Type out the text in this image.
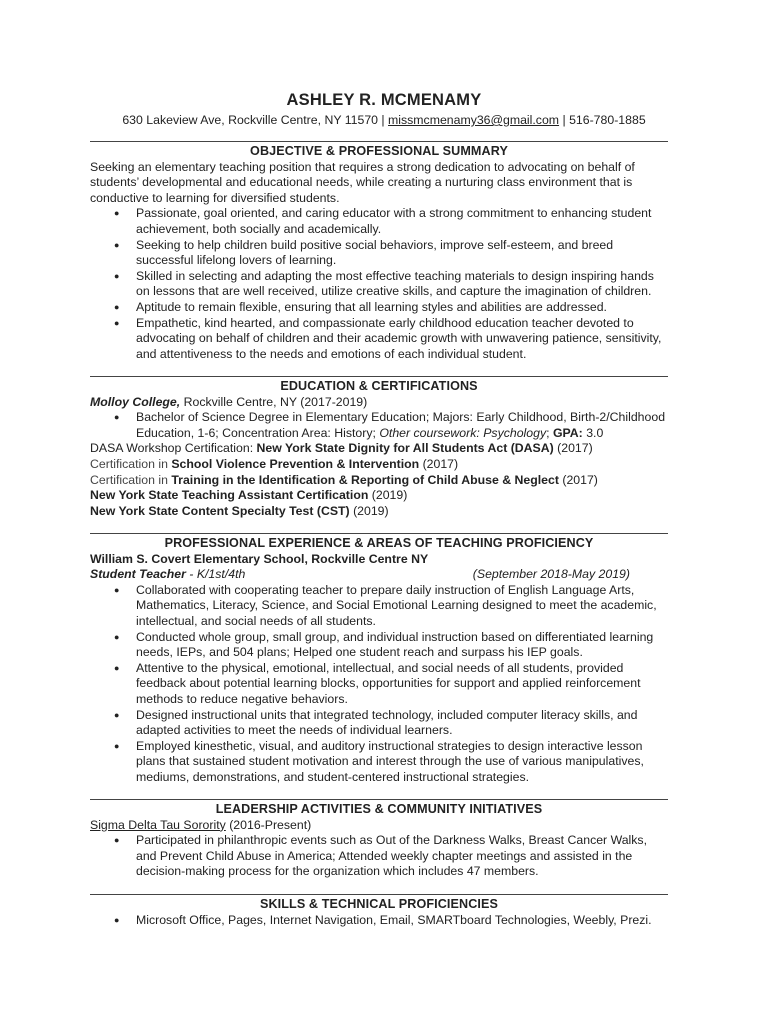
ASHLEY R. MCMENAMY
630 Lakeview Ave, Rockville Centre, NY 11570 | missmcmenamy36@gmail.com | 516-780-1885
OBJECTIVE & PROFESSIONAL SUMMARY
Seeking an elementary teaching position that requires a strong dedication to advocating on behalf of students’ developmental and educational needs, while creating a nurturing class environment that is conductive to learning for diversified students.
● Passionate, goal oriented, and caring educator with a strong commitment to enhancing student achievement, both socially and academically.
● Seeking to help children build positive social behaviors, improve self-esteem, and breed successful lifelong lovers of learning.
● Skilled in selecting and adapting the most effective teaching materials to design inspiring hands on lessons that are well received, utilize creative skills, and capture the imagination of children.
● Aptitude to remain flexible, ensuring that all learning styles and abilities are addressed.
● Empathetic, kind hearted, and compassionate early childhood education teacher devoted to advocating on behalf of children and their academic growth with unwavering patience, sensitivity, and attentiveness to the needs and emotions of each individual student.
EDUCATION & CERTIFICATIONS
Molloy College, Rockville Centre, NY (2017-2019)
● Bachelor of Science Degree in Elementary Education; Majors: Early Childhood, Birth-2/Childhood Education, 1-6; Concentration Area: History; Other coursework: Psychology; GPA: 3.0
DASA Workshop Certification: New York State Dignity for All Students Act (DASA) (2017)
Certification in School Violence Prevention & Intervention (2017)
Certification in Training in the Identification & Reporting of Child Abuse & Neglect (2017)
New York State Teaching Assistant Certification (2019)
New York State Content Specialty Test (CST) (2019)
PROFESSIONAL EXPERIENCE & AREAS OF TEACHING PROFICIENCY
William S. Covert Elementary School, Rockville Centre NY
Student Teacher - K/1st/4th	(September 2018-May 2019)
● Collaborated with cooperating teacher to prepare daily instruction of English Language Arts, Mathematics, Literacy, Science, and Social Emotional Learning designed to meet the academic, intellectual, and social needs of all students.
● Conducted whole group, small group, and individual instruction based on differentiated learning needs, IEPs, and 504 plans; Helped one student reach and surpass his IEP goals.
● Attentive to the physical, emotional, intellectual, and social needs of all students, provided feedback about potential learning blocks, opportunities for support and applied reinforcement methods to reduce negative behaviors.
● Designed instructional units that integrated technology, included computer literacy skills, and adapted activities to meet the needs of individual learners.
● Employed kinesthetic, visual, and auditory instructional strategies to design interactive lesson plans that sustained student motivation and interest through the use of various manipulatives, mediums, demonstrations, and student-centered instructional strategies.
LEADERSHIP ACTIVITIES & COMMUNITY INITIATIVES
Sigma Delta Tau Sorority (2016-Present)
● Participated in philanthropic events such as Out of the Darkness Walks, Breast Cancer Walks, and Prevent Child Abuse in America; Attended weekly chapter meetings and assisted in the decision-making process for the organization which includes 47 members.
SKILLS & TECHNICAL PROFICIENCIES
● Microsoft Office, Pages, Internet Navigation, Email, SMARTboard Technologies, Weebly, Prezi.
